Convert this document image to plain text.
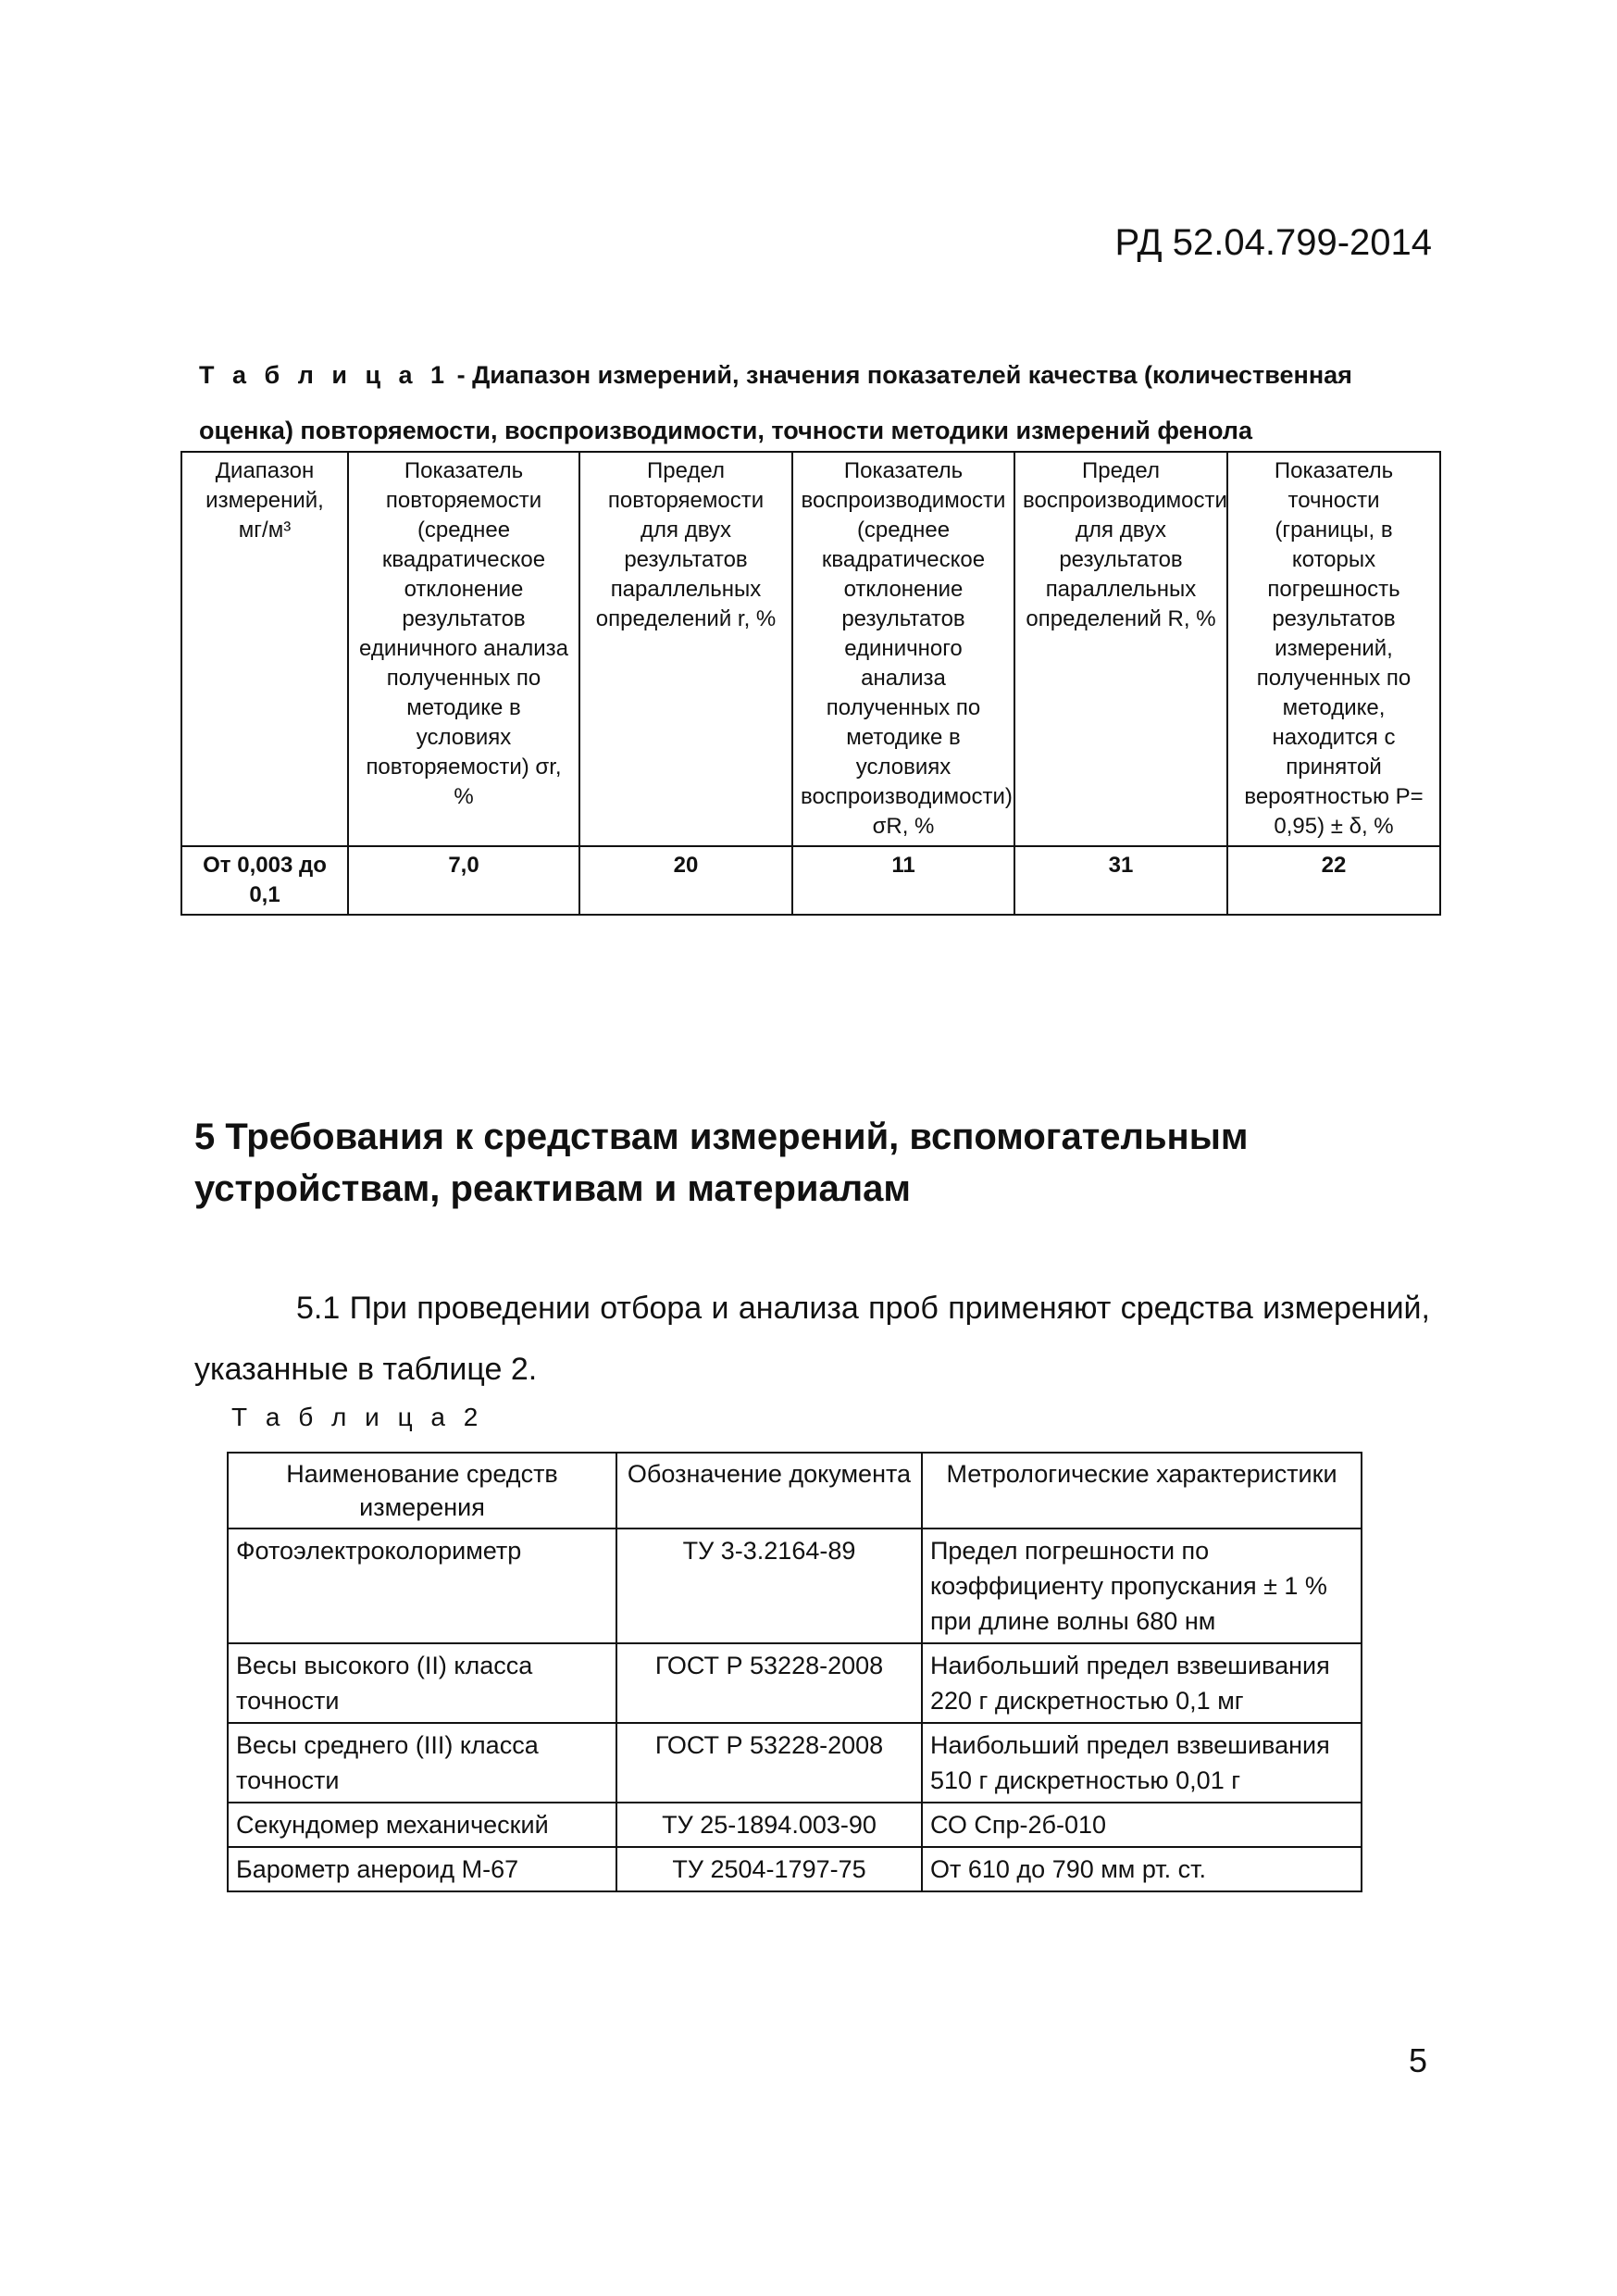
РД 52.04.799-2014
Т а б л и ц а 1 - Диапазон измерений, значения показателей качества (количественная оценка) повторяемости, воспроизводимости, точности методики измерений фенола
Диапазон измерений, мг/м³	Показатель повторяемости (среднее квадратическое отклонение результатов единичного анализа полученных по методике в условиях повторяемости) σr, %	Предел повторяемости для двух результатов параллельных определений r, %	Показатель воспроизводимости (среднее квадратическое отклонение результатов единичного анализа полученных по методике в условиях воспроизводимости) σR, %	Предел воспроизводимости для двух результатов параллельных определений R, %	Показатель точности (границы, в которых погрешность результатов измерений, полученных по методике, находится с принятой вероятностью P= 0,95) ± δ, %
От 0,003 до 0,1	7,0	20	11	31	22
5 Требования к средствам измерений, вспомогательным устройствам, реактивам и материалам
5.1 При проведении отбора и анализа проб применяют средства измерений, указанные в таблице 2.
Т а б л и ц а 2
Наименование средств измерения	Обозначение документа	Метрологические характеристики
Фотоэлектроколориметр	ТУ 3-3.2164-89	Предел погрешности по коэффициенту пропускания ± 1 % при длине волны 680 нм
Весы высокого (II) класса точности	ГОСТ Р 53228-2008	Наибольший предел взвешивания 220 г дискретностью 0,1 мг
Весы среднего (III) класса точности	ГОСТ Р 53228-2008	Наибольший предел взвешивания 510 г дискретностью 0,01 г
Секундомер механический	ТУ 25-1894.003-90	СО Спр-2б-010
Барометр анероид М-67	ТУ 2504-1797-75	От 610 до 790 мм рт. ст.
5
